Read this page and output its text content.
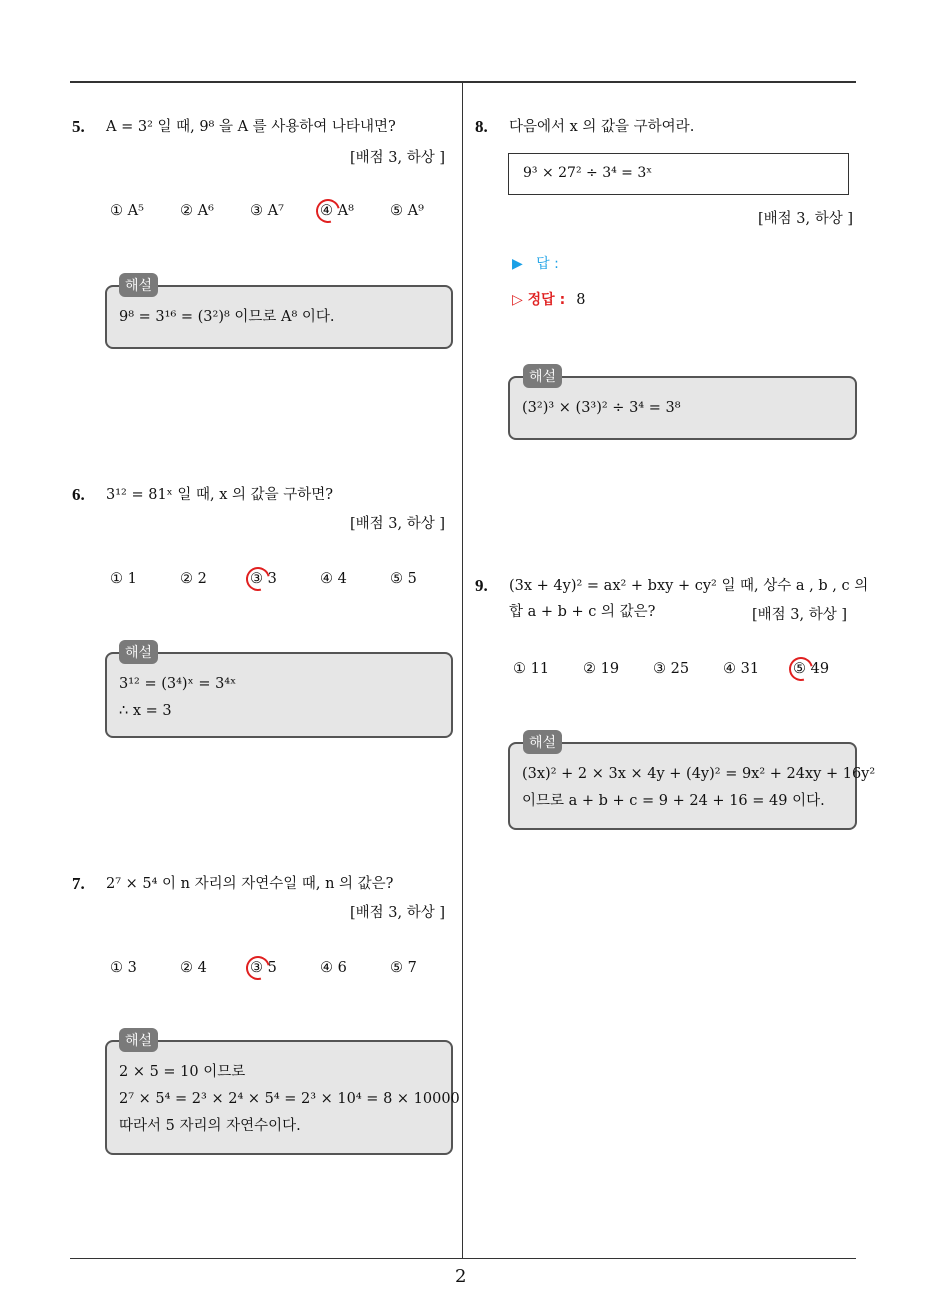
2
5. A = 3² 일 때, 9⁸ 을 A 를 사용하여 나타내면?
[배점 3, 하상 ]
① A⁵	② A⁶	③ A⁷	④ A⁸	⑤ A⁹
9⁸ = 3¹⁶ = (3²)⁸ 이므로 A⁸ 이다.
해설
6. 3¹² = 81ˣ 일 때, x 의 값을 구하면?
[배점 3, 하상 ]
① 1	② 2	③ 3	④ 4	⑤ 5
3¹² = (3⁴)ˣ = 3⁴ˣ
∴ x = 3
해설
7. 2⁷ × 5⁴ 이 n 자리의 자연수일 때, n 의 값은?
[배점 3, 하상 ]
① 3	② 4	③ 5	④ 6	⑤ 7
2 × 5 = 10 이므로
2⁷ × 5⁴ = 2³ × 2⁴ × 5⁴ = 2³ × 10⁴ = 8 × 10000
따라서 5 자리의 자연수이다.
해설
8. 다음에서 x 의 값을 구하여라.
9³ × 27² ÷ 3⁴ = 3ˣ
[배점 3, 하상 ]
▶   답 :
▷ 정답 : 8
(3²)³ × (3³)² ÷ 3⁴ = 3⁸
해설
9. (3x + 4y)² = ax² + bxy + cy² 일 때, 상수 a , b , c 의
합 a + b + c 의 값은?	[배점 3, 하상 ]
① 11	② 19	③ 25	④ 31	⑤ 49
(3x)² + 2 × 3x × 4y + (4y)² = 9x² + 24xy + 16y²
이므로 a + b + c = 9 + 24 + 16 = 49 이다.
해설
